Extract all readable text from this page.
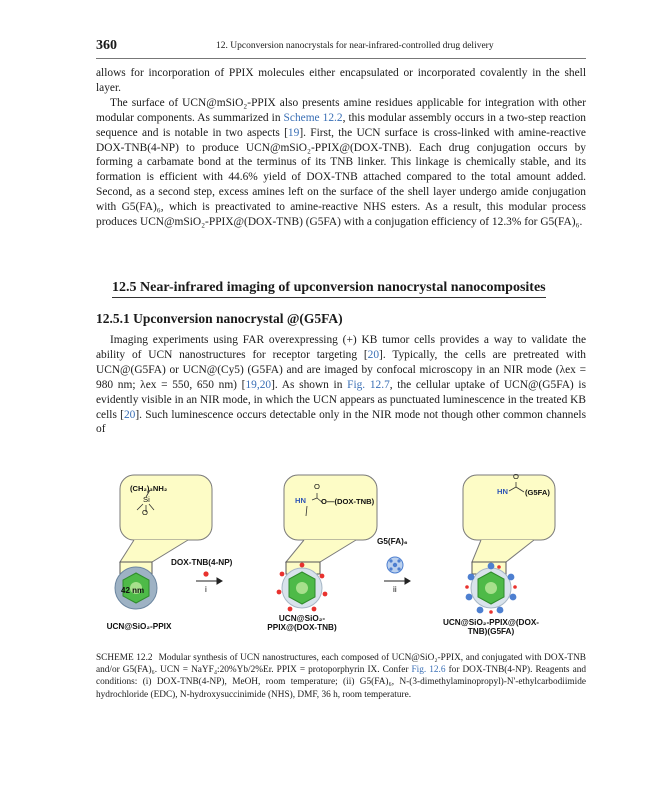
360	12. Upconversion nanocrystals for near-infrared-controlled drug delivery

allows for incorporation of PPIX molecules either encapsulated or incorporated covalently in the shell layer.

The surface of UCN@mSiO₂-PPIX also presents amine residues applicable for integration with other modular components. As summarized in Scheme 12.2, this modular assembly occurs in a two-step reaction sequence and is notable in two aspects [19]. First, the UCN surface is cross-linked with amine-reactive DOX-TNB(4-NP) to produce UCN@mSiO₂-PPIX@(DOX-TNB). Each drug conjugation occurs by forming a carbamate bond at the terminus of its TNB linker. This linkage is chemically stable, and its formation is efficient with 44.6% yield of DOX-TNB attached compared to the total amount added. Second, as a second step, excess amines left on the surface of the shell layer undergo amide conjugation with G5(FA)₆, which is preactivated to amine-reactive NHS esters. As a result, this modular process produces UCN@mSiO₂-PPIX@(DOX-TNB) (G5FA) with a conjugation efficiency of 12.3% for G5(FA)₆.

12.5 Near-infrared imaging of upconversion nanocrystal nanocomposites
12.5.1 Upconversion nanocrystal @(G5FA)

Imaging experiments using FAR overexpressing (+) KB tumor cells provides a way to validate the ability of UCN nanostructures for receptor targeting [20]. Typically, the cells are pretreated with UCN@(G5FA) or UCN@(Cy5) (G5FA) and are imaged by confocal microscopy in an NIR mode (λex = 980 nm; λex = 550, 650 nm) [19,20]. As shown in Fig. 12.7, the cellular uptake of UCN@(G5FA) is evidently visible in an NIR mode, in which the UCN appears as punctuated luminescence in the treated KB cells [20]. Such luminescence occurs detectable only in the NIR mode not though other common channels of

(CH₂)₃NH₂
Si
O
O
HN O—(DOX-TNB)
O
HN (G5FA)
42 nm
DOX-TNB(4-NP)
i
G5(FA)₆
ii
UCN@SiO₂-PPIX
UCN@SiO₂-PPIX@(DOX-TNB)
UCN@SiO₂-PPIX@(DOX-TNB)(G5FA)
SCHEME 12.2 Modular synthesis of UCN nanostructures, each composed of UCN@SiO₂-PPIX, and conjugated with DOX-TNB and/or G5(FA)₆. UCN = NaYF₄:20%Yb/2%Er. PPIX = protoporphyrin IX. Confer Fig. 12.6 for DOX-TNB(4-NP). Reagents and conditions: (i) DOX-TNB(4-NP), MeOH, room temperature; (ii) G5(FA)₆, N-(3-dimethylaminopropyl)-N'-ethylcarbodiimide hydrochloride (EDC), N-hydroxysuccinimide (NHS), DMF, 36 h, room temperature.
